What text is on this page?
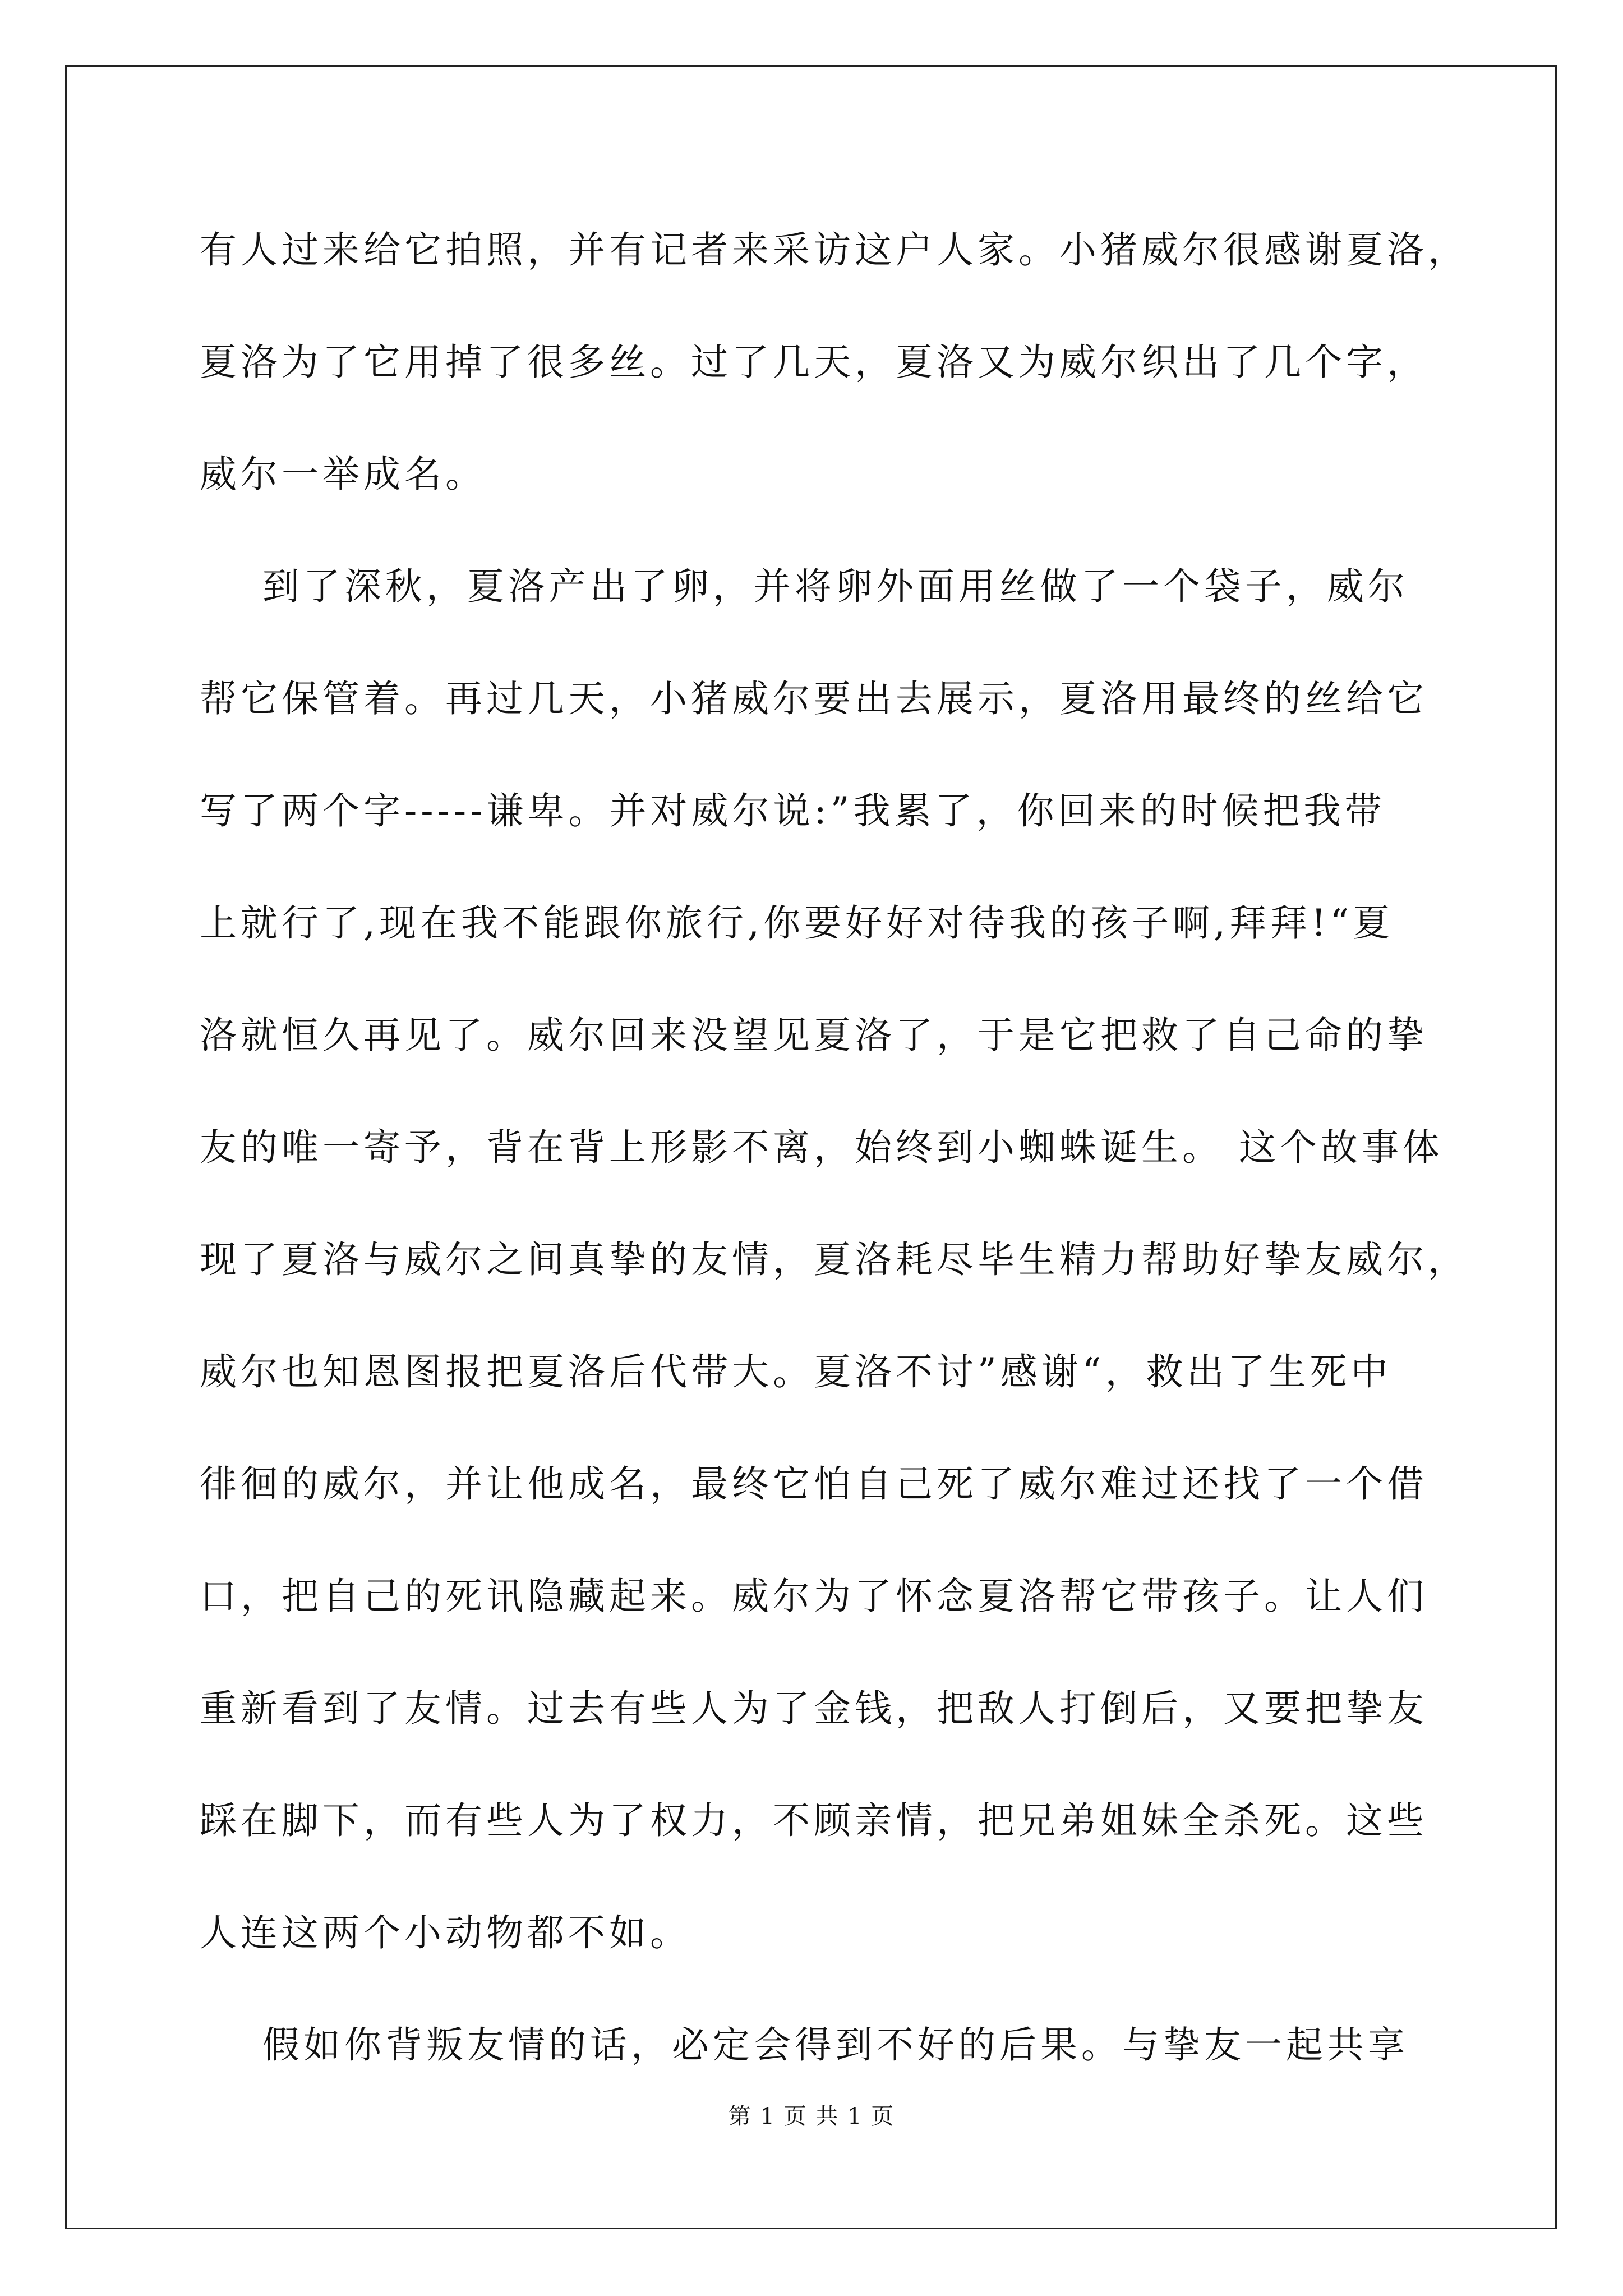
有人过来给它拍照，并有记者来采访这户人家。小猪威尔很感谢夏洛，
夏洛为了它用掉了很多丝。过了几天，夏洛又为威尔织出了几个字，
威尔一举成名。
到了深秋，夏洛产出了卵，并将卵外面用丝做了一个袋子，威尔
帮它保管着。再过几天，小猪威尔要出去展示，夏洛用最终的丝给它
写了两个字-----谦卑。并对威尔说:”我累了，你回来的时候把我带
上就行了,现在我不能跟你旅行,你要好好对待我的孩子啊,拜拜!“夏
洛就恒久再见了。威尔回来没望见夏洛了，于是它把救了自己命的挚
友的唯一寄予，背在背上形影不离，始终到小蜘蛛诞生。 这个故事体
现了夏洛与威尔之间真挚的友情，夏洛耗尽毕生精力帮助好挚友威尔，
威尔也知恩图报把夏洛后代带大。夏洛不讨”感谢“，救出了生死中
徘徊的威尔，并让他成名，最终它怕自己死了威尔难过还找了一个借
口，把自己的死讯隐藏起来。威尔为了怀念夏洛帮它带孩子。让人们
重新看到了友情。过去有些人为了金钱，把敌人打倒后，又要把挚友
踩在脚下，而有些人为了权力，不顾亲情，把兄弟姐妹全杀死。这些
人连这两个小动物都不如。
假如你背叛友情的话，必定会得到不好的后果。与挚友一起共享
第 1 页 共 1 页
